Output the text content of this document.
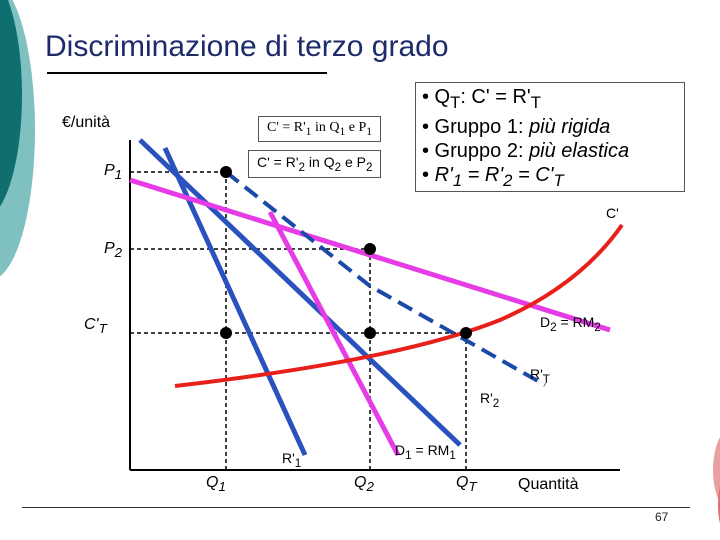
Discriminazione di terzo grado
• $Q_T$: $C' = R'_T$
• Gruppo 1: più rigida
• Gruppo 2: più elastica
• $R'_1 = R'_2 = C'_T$
$C' = R'_1$ in $Q_1$ e $P_1$
$C' = R'_2$ in $Q_2$ e $P_2$
€/unità
Quantità
$P_1$
$P_2$
$C'_T$
$Q_1$	$Q_2$	$Q_T$
C'
$D_2 = RM_2$
$R'_T$
$R'_2$
$R'_1$
$D_1 = RM_1$
67
